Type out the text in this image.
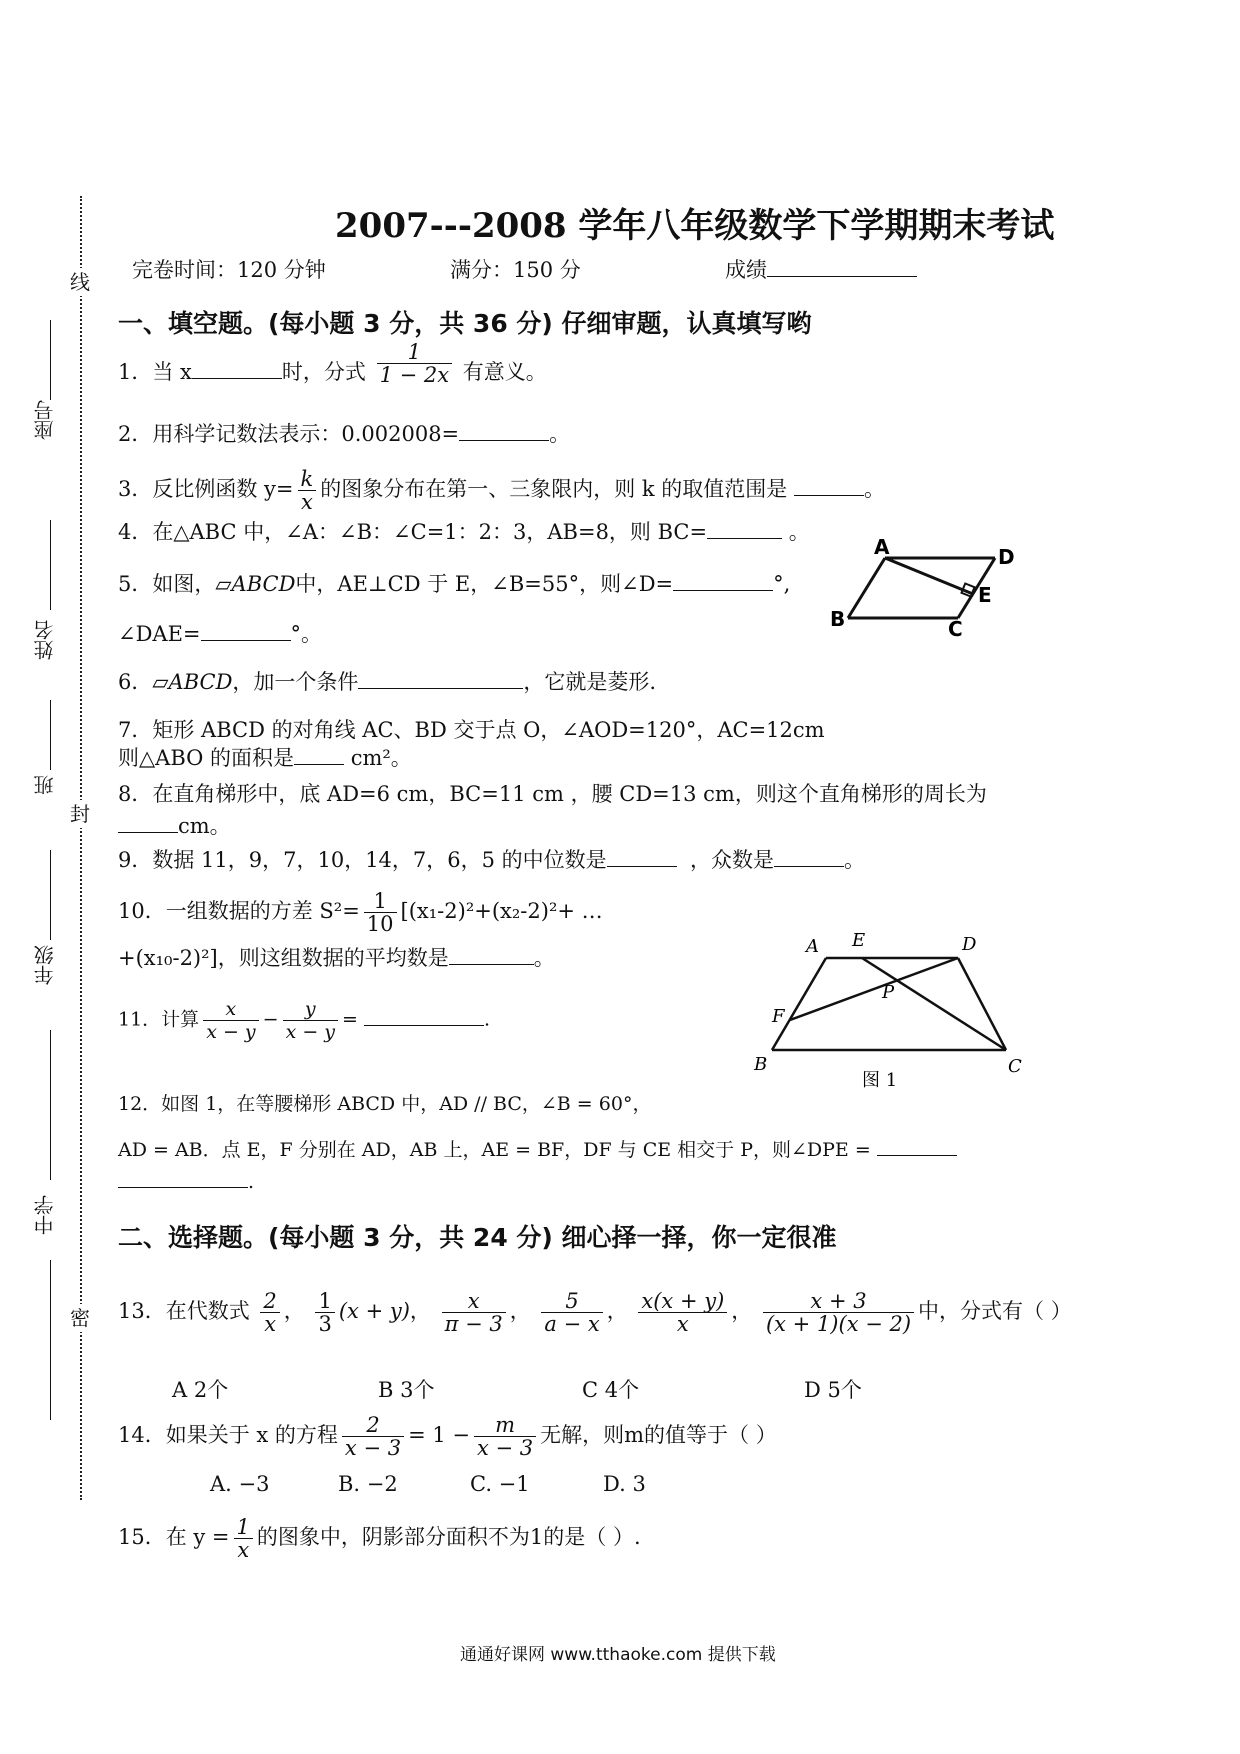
线
封
密
座号
姓名
班
年级
中学
2007---2008 学年八年级数学下学期期末考试
完卷时间：120 分钟	满分：150 分	成绩
一、填空题。(每小题 3 分，共 36 分) 仔细审题，认真填写哟
1．当 x	时，分式 $\frac{1}{1 - 2x}$ 有意义。
2．用科学记数法表示：0.002008=	。
3．反比例函数 $y= \frac{k}{x}$ 的图象分布在第一、三象限内，则 k 的取值范围是	。
4．在△ABC 中，∠A：∠B：∠C=1：2：3，AB=8，则 BC=	。
5．如图，▱ABCD中，AE⊥CD 于 E，∠B=55°，则∠D=	°,
∠DAE=	°。
A	D
E
B	C
6．▱ABCD，加一个条件	，它就是菱形.
7．矩形 ABCD 的对角线 AC、BD 交于点 O，∠AOD=120°，AC=12cm
则△ABO 的面积是	cm²。
8．在直角梯形中，底 AD=6 cm，BC=11 cm ，腰 CD=13 cm，则这个直角梯形的周长为
cm。
9．数据 11，9，7，10，14，7，6，5 的中位数是	，众数是	。
10．一组数据的方差 $S^2= \frac{1}{10} [(x_1-2)^2+(x_2-2)^2+$ …
+(x₁₀-2)²]，则这组数据的平均数是	。
11．计算 $\frac{x}{x - y} - \frac{y}{x - y}$ =	.
A E	D
P
F
B	C
图 1
12．如图 1，在等腰梯形 ABCD 中，AD // BC，∠B = 60°，
AD = AB．点 E，F 分别在 AD，AB 上，AE = BF，DF 与 CE 相交于 P，则∠DPE =
.
二、选择题。(每小题 3 分，共 24 分) 细心择一择，你一定很准
13．在代数式 $\frac{2}{x}$ ， $\frac{1}{3} (x + y)$， $\frac{x}{\pi - 3}$ ， $\frac{5}{a - x}$ ， $\frac{x(x + y)}{x}$ ， $\frac{x + 3}{(x + 1)(x - 2)}$ 中，分式有（ ）
A 2个	B 3个	C 4个	D 5个
14．如果关于 x 的方程 $\frac{2}{x - 3} = 1 - \frac{m}{x - 3}$ 无解，则m的值等于（ ）
A. −3	B. −2	C. −1	D. 3
15．在 $y = \frac{1}{x}$ 的图象中，阴影部分面积不为1的是（ ）.
通通好课网 www.tthaoke.com 提供下载
